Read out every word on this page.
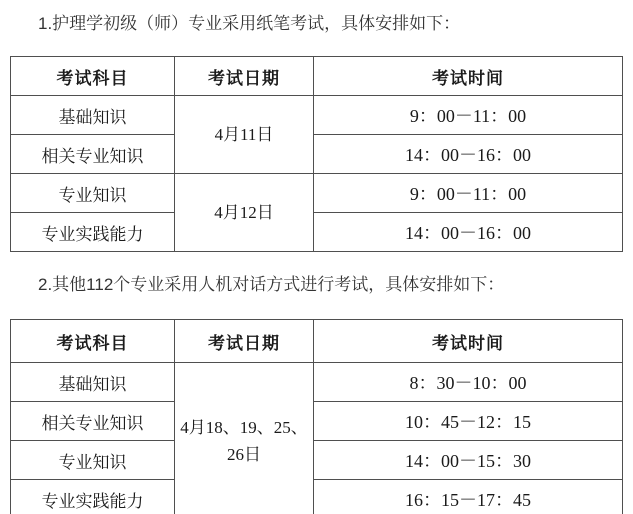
1.护理学初级（师）专业采用纸笔考试，具体安排如下：

考试科目	考试日期	考试时间
基础知识	4月11日	9：00－11：00
相关专业知识		14：00－16：00
专业知识	4月12日	9：00－11：00
专业实践能力		14：00－16：00

2.其他112个专业采用人机对话方式进行考试，具体安排如下：

考试科目	考试日期	考试时间
基础知识	4月18、19、25、26日	8：30－10：00
相关专业知识		10：45－12：15
专业知识		14：00－15：30
专业实践能力		16：15－17：45
